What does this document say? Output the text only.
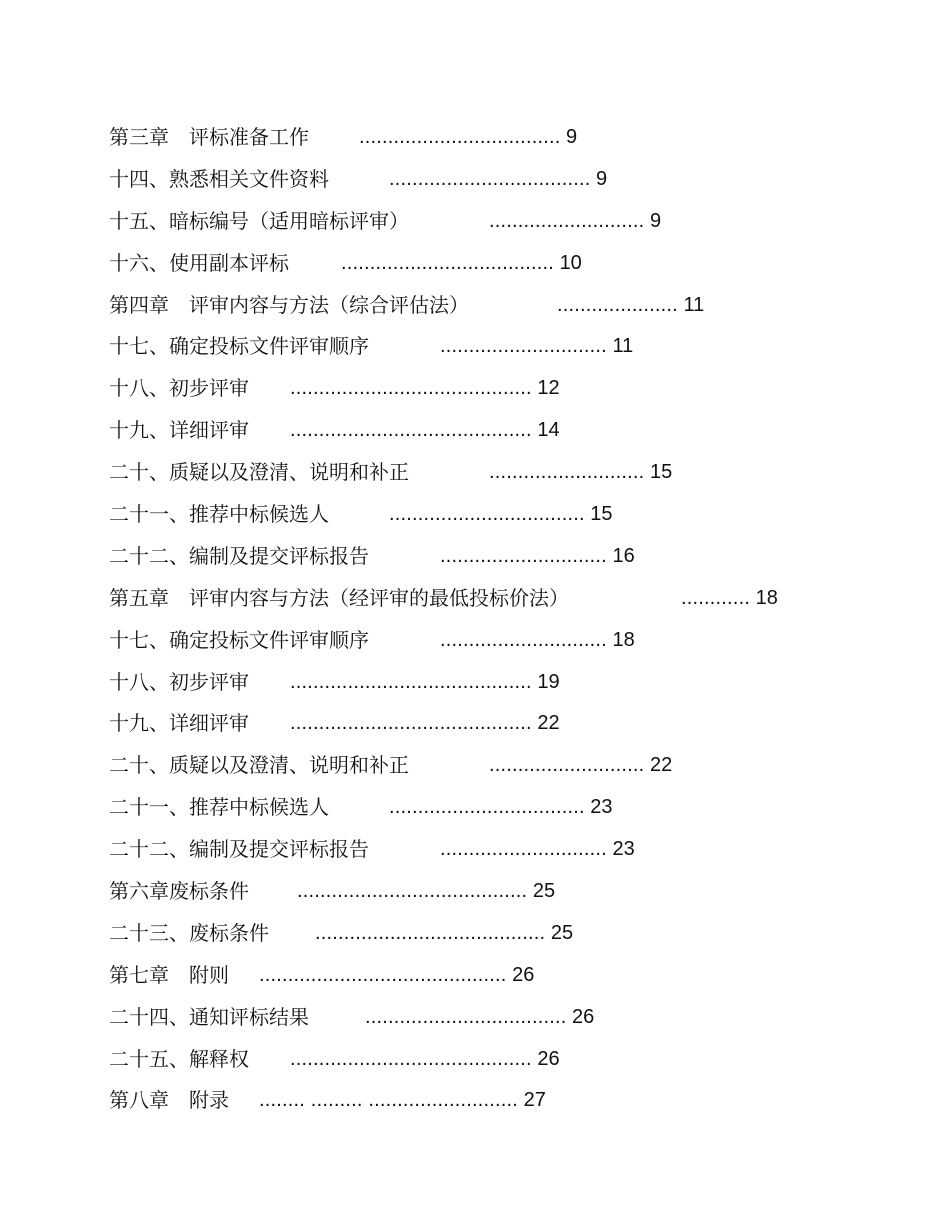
第三章　评标准备工作	................................... 9
十四、熟悉相关文件资料	................................... 9
十五、暗标编号（适用暗标评审）	........................... 9
十六、使用副本评标	..................................... 10
第四章　评审内容与方法（综合评估法）	..................... 11
十七、确定投标文件评审顺序	............................. 11
十八、初步评审 .......................................... 12
十九、详细评审 .......................................... 14
二十、质疑以及澄清、说明和补正	........................... 15
二十一、推荐中标候选人	.................................. 15
二十二、编制及提交评标报告	............................. 16
第五章　评审内容与方法（经评审的最低投标价法）	............ 18
十七、确定投标文件评审顺序	............................. 18
十八、初步评审 .......................................... 19
十九、详细评审 .......................................... 22
二十、质疑以及澄清、说明和补正	........................... 22
二十一、推荐中标候选人	.................................. 23
二十二、编制及提交评标报告	............................. 23
第六章废标条件 ........................................ 25
二十三、废标条件 ........................................ 25
第七章　附则 ........................................... 26
二十四、通知评标结果	................................... 26
二十五、解释权 .......................................... 26
第八章　附录 ........ ......... .......................... 27
